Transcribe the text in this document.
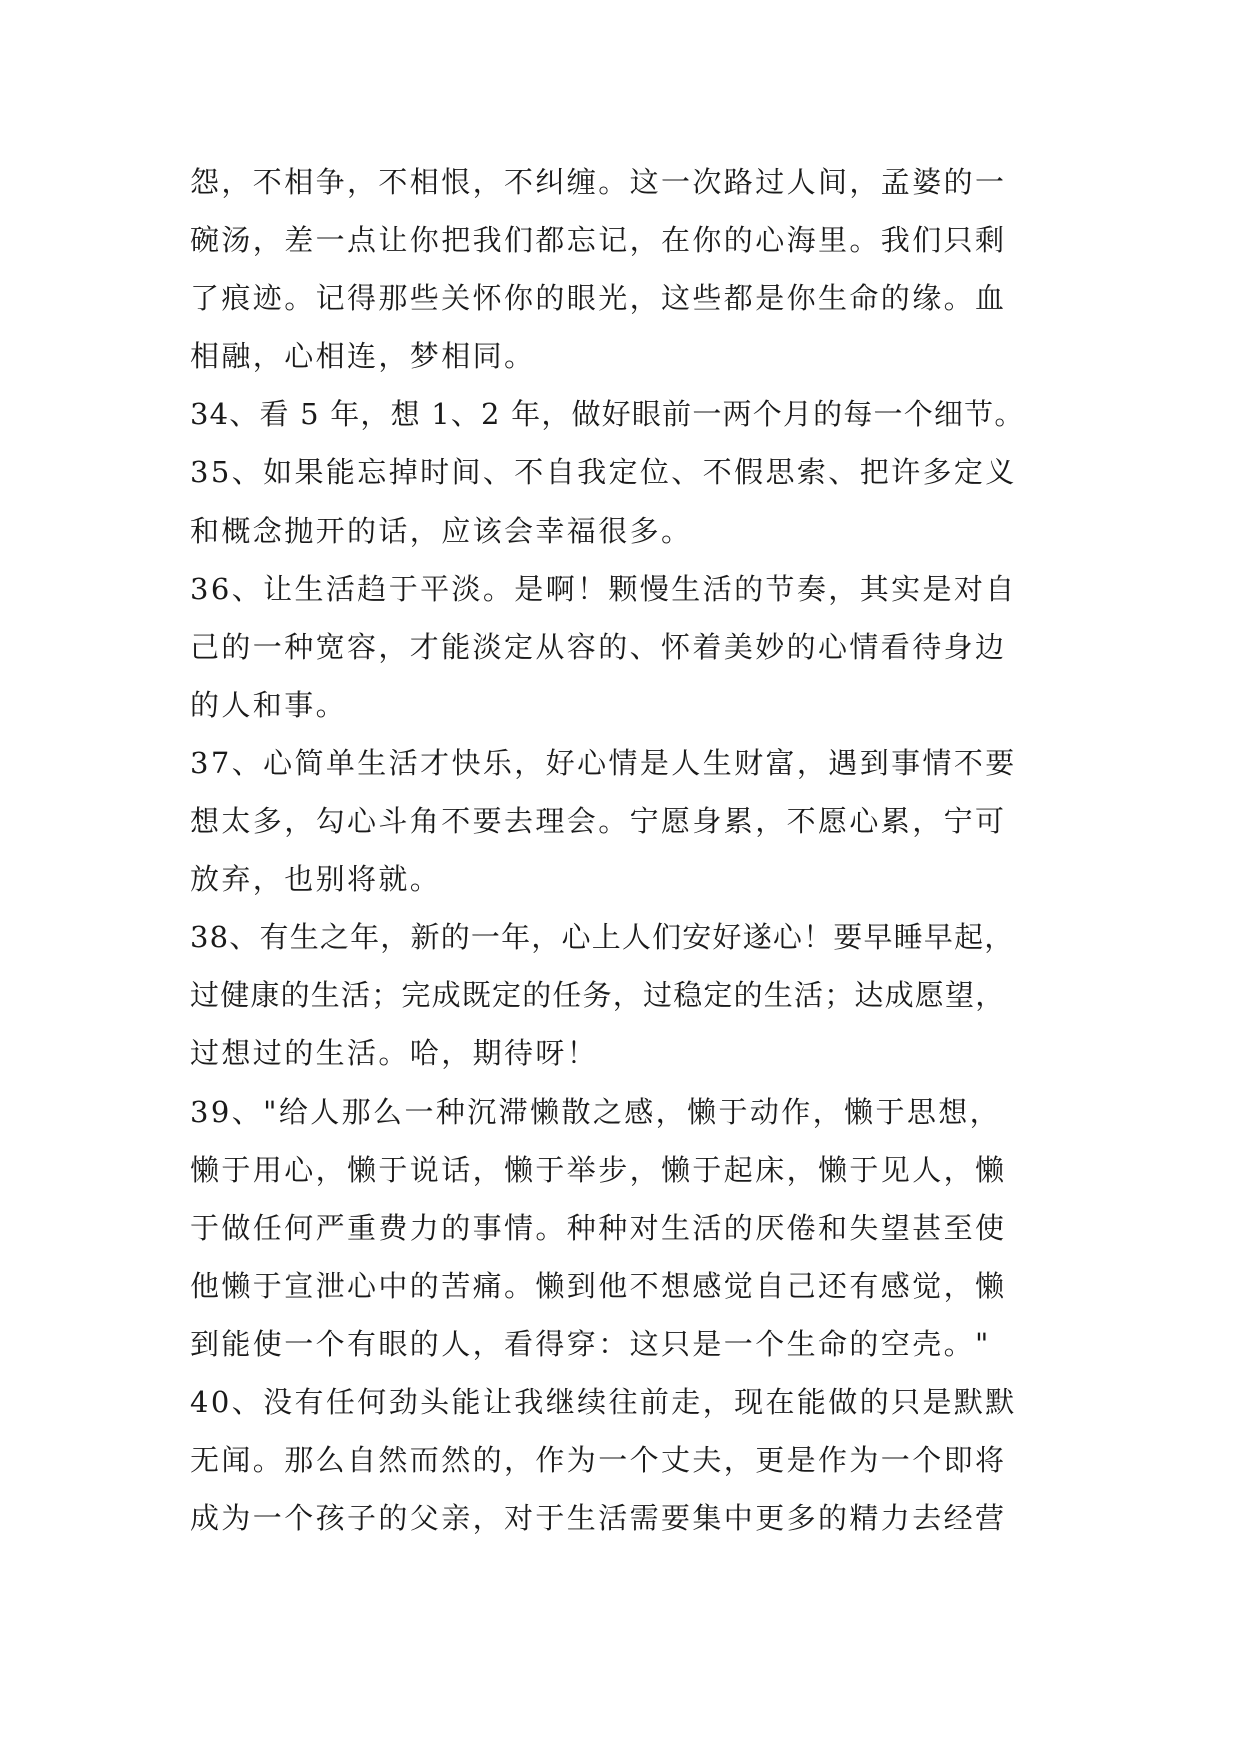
怨，不相争，不相恨，不纠缠。这一次路过人间，孟婆的一
碗汤，差一点让你把我们都忘记，在你的心海里。我们只剩
了痕迹。记得那些关怀你的眼光，这些都是你生命的缘。血
相融，心相连，梦相同。
34、看 5 年，想 1、2 年，做好眼前一两个月的每一个细节。
35、如果能忘掉时间、不自我定位、不假思索、把许多定义
和概念抛开的话，应该会幸福很多。
36、让生活趋于平淡。是啊！颗慢生活的节奏，其实是对自
己的一种宽容，才能淡定从容的、怀着美妙的心情看待身边
的人和事。
37、心简单生活才快乐，好心情是人生财富，遇到事情不要
想太多，勾心斗角不要去理会。宁愿身累，不愿心累，宁可
放弃，也别将就。
38、有生之年，新的一年，心上人们安好遂心！要早睡早起，
过健康的生活；完成既定的任务，过稳定的生活；达成愿望，
过想过的生活。哈，期待呀！
39、"给人那么一种沉滞懒散之感，懒于动作，懒于思想，
懒于用心，懒于说话，懒于举步，懒于起床，懒于见人，懒
于做任何严重费力的事情。种种对生活的厌倦和失望甚至使
他懒于宣泄心中的苦痛。懒到他不想感觉自己还有感觉，懒
到能使一个有眼的人，看得穿：这只是一个生命的空壳。"
40、没有任何劲头能让我继续往前走，现在能做的只是默默
无闻。那么自然而然的，作为一个丈夫，更是作为一个即将
成为一个孩子的父亲，对于生活需要集中更多的精力去经营
